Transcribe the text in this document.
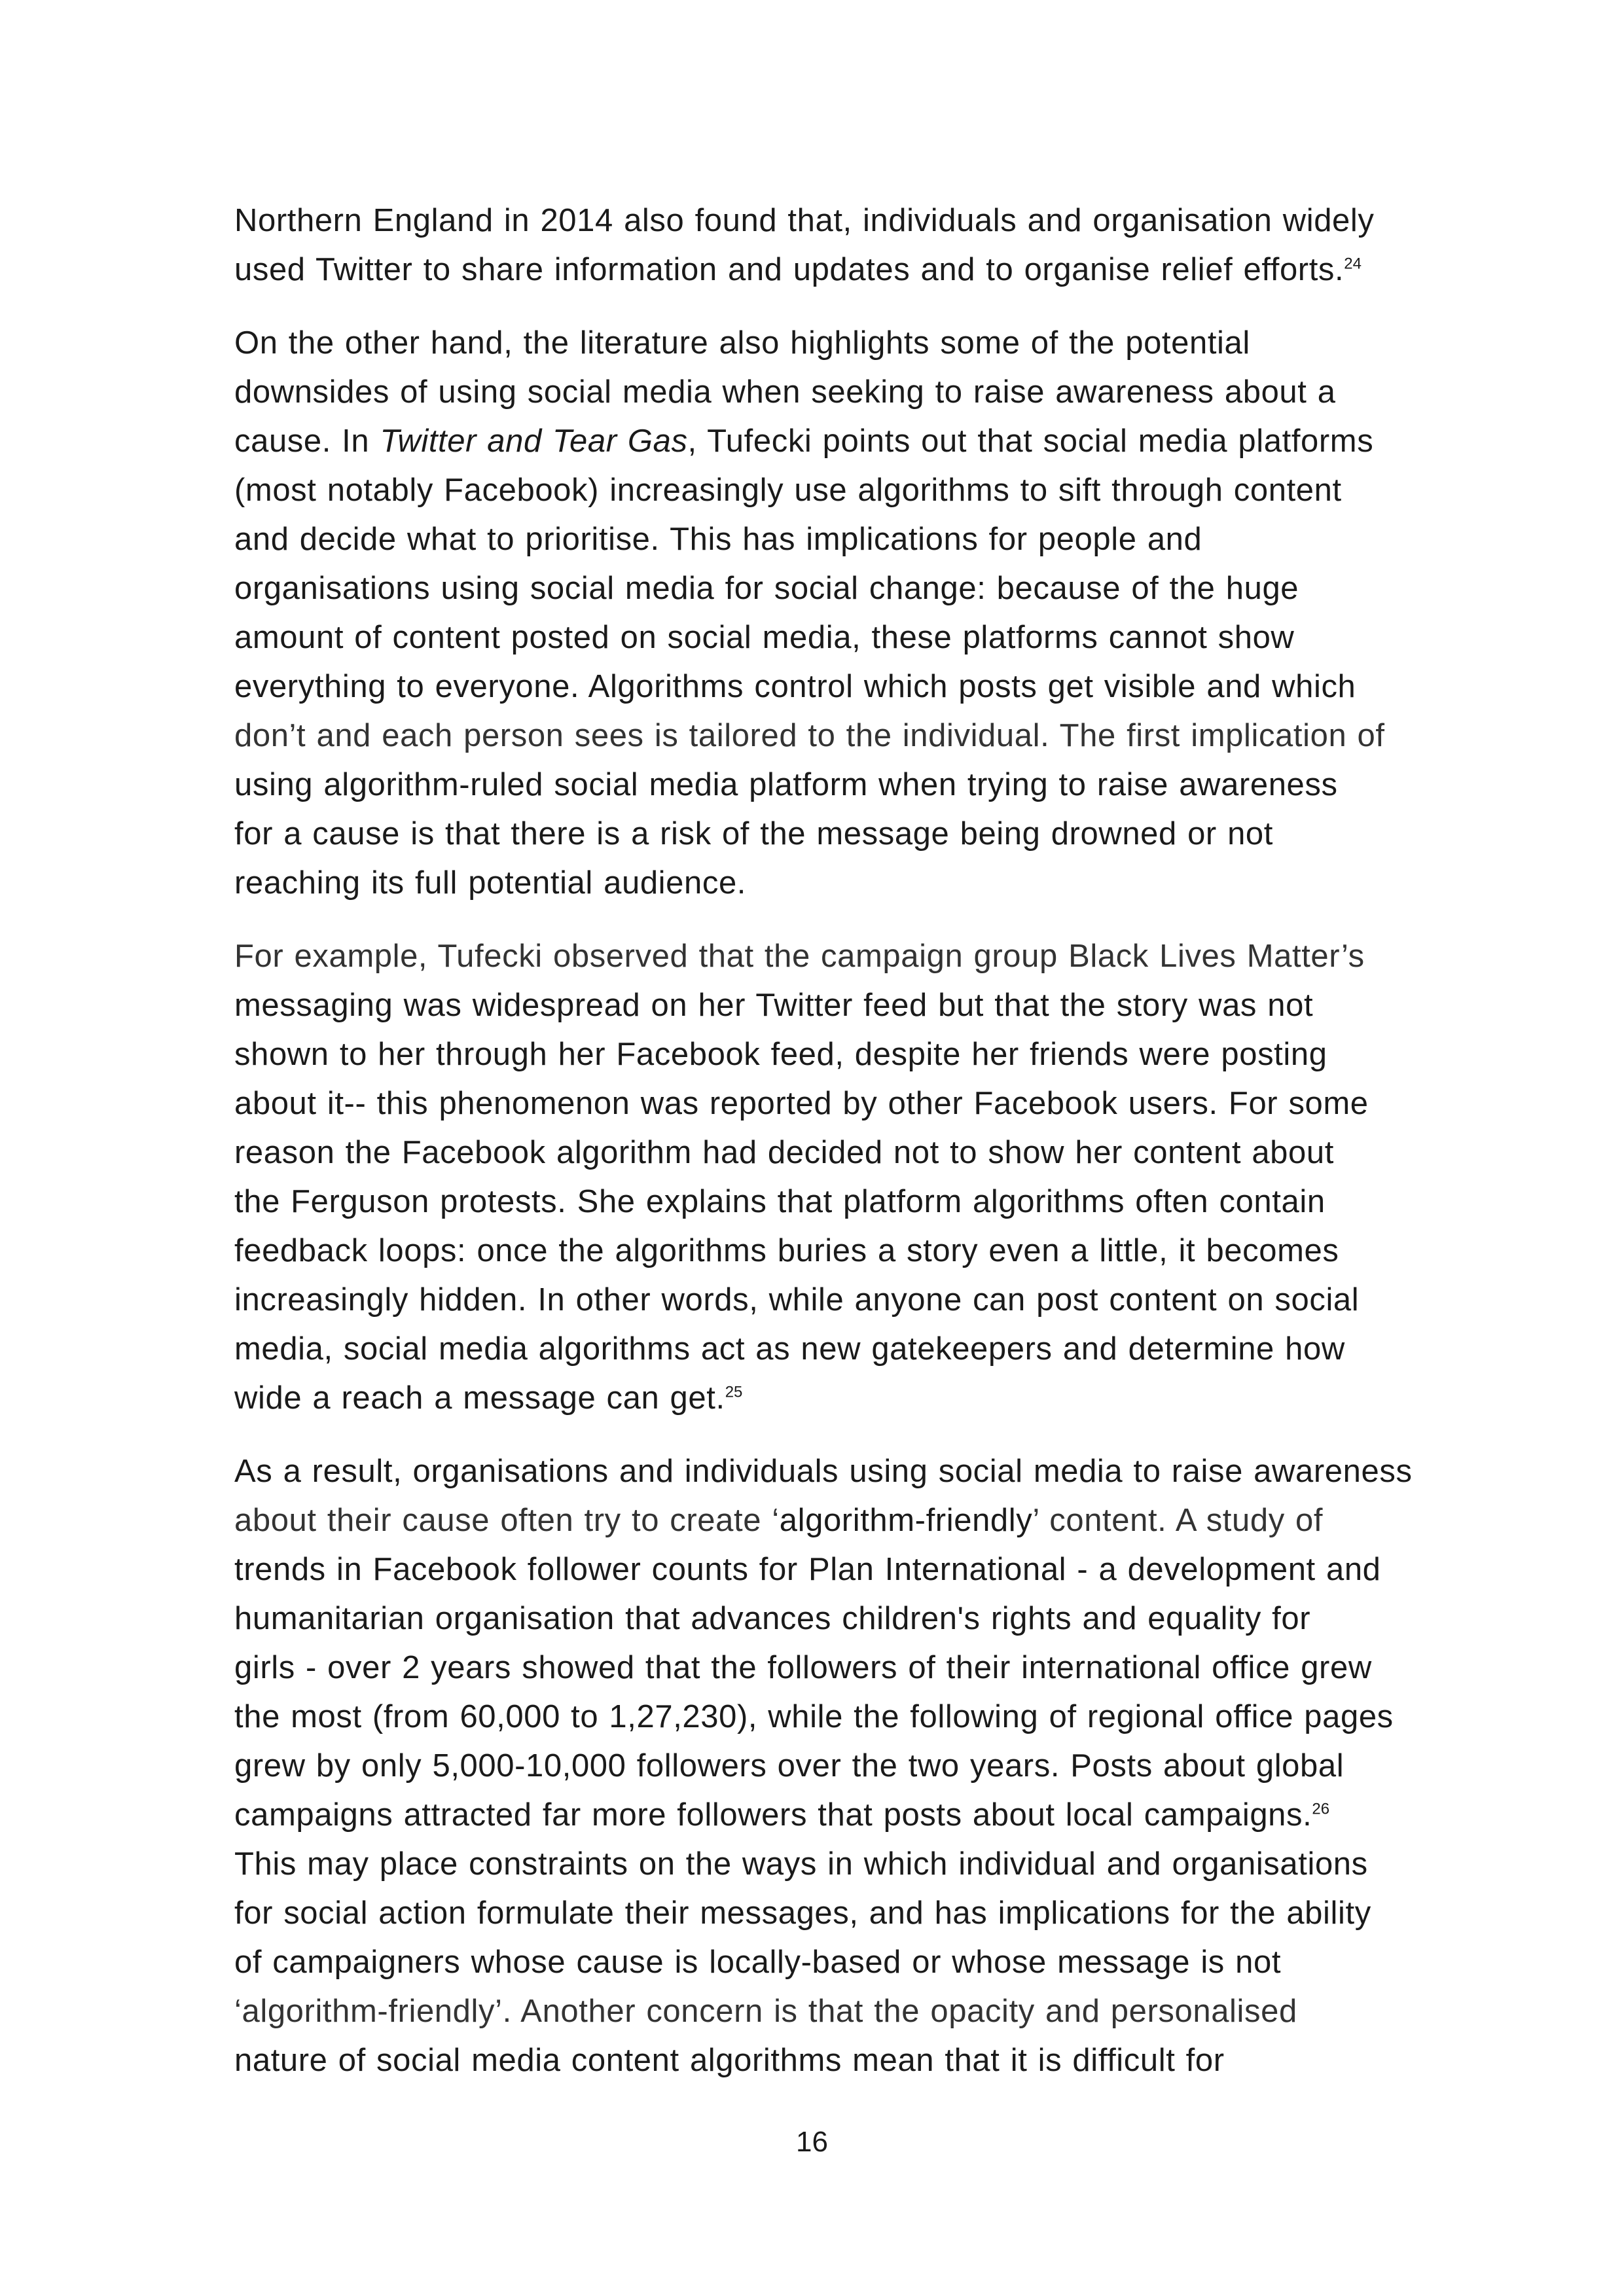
Northern England in 2014 also found that, individuals and organisation widely
used Twitter to share information and updates and to organise relief efforts.$^{24}$
On the other hand, the literature also highlights some of the potential
downsides of using social media when seeking to raise awareness about a
cause. In Twitter and Tear Gas, Tufecki points out that social media platforms
(most notably Facebook) increasingly use algorithms to sift through content
and decide what to prioritise. This has implications for people and
organisations using social media for social change: because of the huge
amount of content posted on social media, these platforms cannot show
everything to everyone. Algorithms control which posts get visible and which
don’t and each person sees is tailored to the individual. The first implication of
using algorithm-ruled social media platform when trying to raise awareness
for a cause is that there is a risk of the message being drowned or not
reaching its full potential audience.
For example, Tufecki observed that the campaign group Black Lives Matter’s
messaging was widespread on her Twitter feed but that the story was not
shown to her through her Facebook feed, despite her friends were posting
about it-- this phenomenon was reported by other Facebook users. For some
reason the Facebook algorithm had decided not to show her content about
the Ferguson protests. She explains that platform algorithms often contain
feedback loops: once the algorithms buries a story even a little, it becomes
increasingly hidden. In other words, while anyone can post content on social
media, social media algorithms act as new gatekeepers and determine how
wide a reach a message can get.$^{25}$
As a result, organisations and individuals using social media to raise awareness
about their cause often try to create ‘algorithm-friendly’ content. A study of
trends in Facebook follower counts for Plan International - a development and
humanitarian organisation that advances children's rights and equality for
girls - over 2 years showed that the followers of their international office grew
the most (from 60,000 to 1,27,230), while the following of regional office pages
grew by only 5,000-10,000 followers over the two years. Posts about global
campaigns attracted far more followers that posts about local campaigns.$^{26}$
This may place constraints on the ways in which individual and organisations
for social action formulate their messages, and has implications for the ability
of campaigners whose cause is locally-based or whose message is not
‘algorithm-friendly’. Another concern is that the opacity and personalised
nature of social media content algorithms mean that it is difficult for
16
